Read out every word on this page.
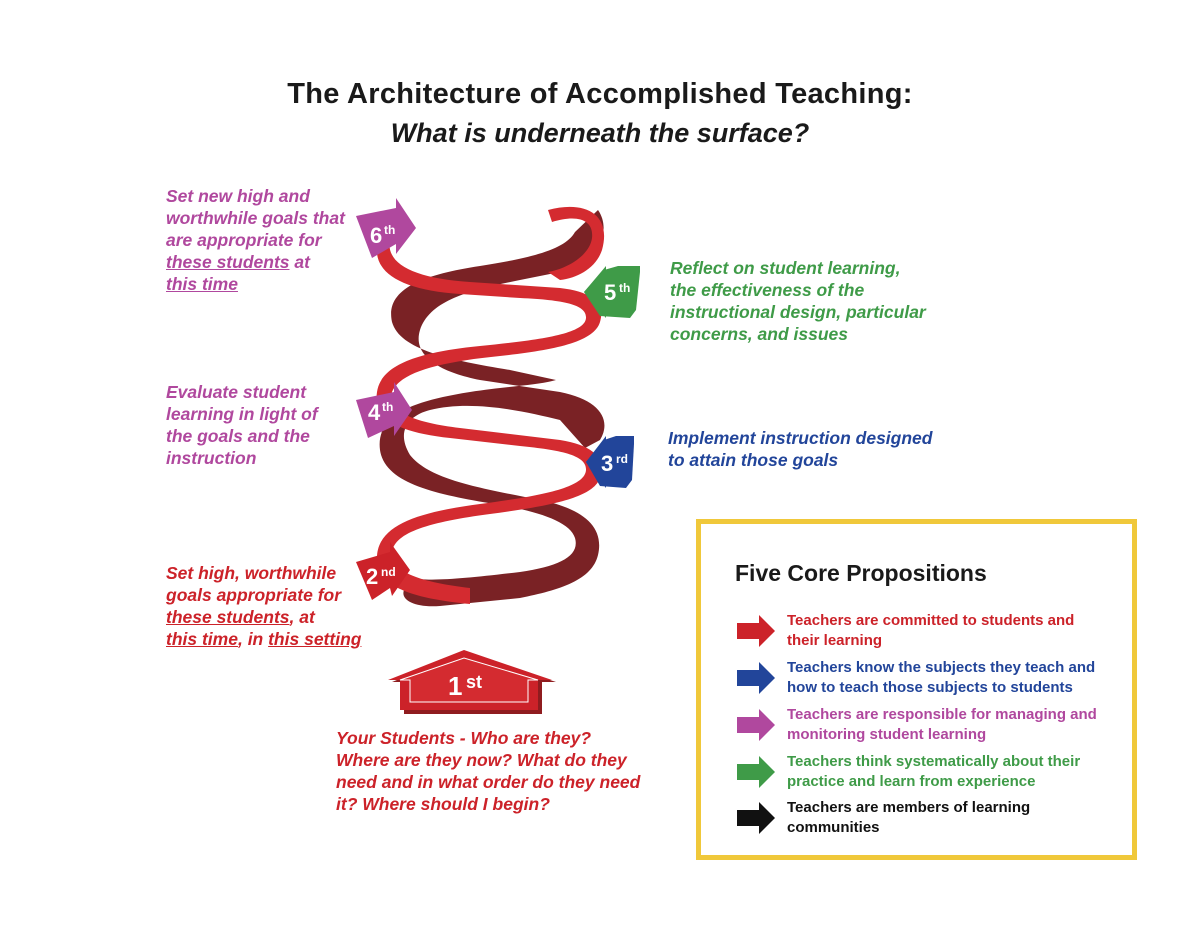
The Architecture of Accomplished Teaching:
What is underneath the surface?
6 th
5 th
4 th
3 rd
2 nd
1 st
Set new high and
worthwhile goals that
are appropriate for
these students at
this time
Reflect on student learning,
the effectiveness of the
instructional design, particular
concerns, and issues
Evaluate student
learning in light of
the goals and the
instruction
Implement instruction designed
to attain those goals
Set high, worthwhile
goals appropriate for
these students, at
this time, in this setting
Your Students - Who are they? Where are they now? What do they need and in what order do they need it? Where should I begin?
Five Core Propositions
Teachers are committed to students and
their learning
Teachers know the subjects they teach and
how to teach those subjects to students
Teachers are responsible for managing and
monitoring student learning
Teachers think systematically about their
practice and learn from experience
Teachers are members of learning
communities
